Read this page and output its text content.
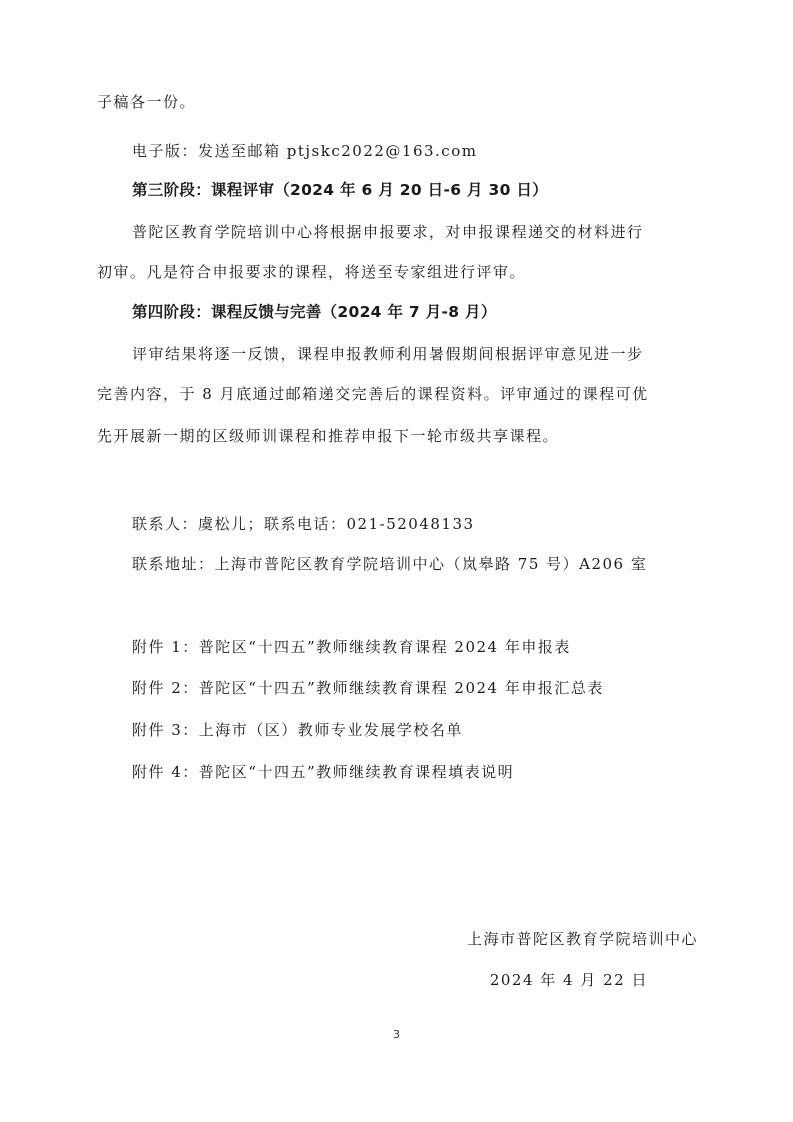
子稿各一份。
电子版：发送至邮箱 ptjskc2022@163.com
第三阶段：课程评审（2024 年 6 月 20 日-6 月 30 日）
普陀区教育学院培训中心将根据申报要求，对申报课程递交的材料进行
初审。凡是符合申报要求的课程，将送至专家组进行评审。
第四阶段：课程反馈与完善（2024 年 7 月-8 月）
评审结果将逐一反馈，课程申报教师利用暑假期间根据评审意见进一步
完善内容，于 8 月底通过邮箱递交完善后的课程资料。评审通过的课程可优
先开展新一期的区级师训课程和推荐申报下一轮市级共享课程。
联系人：虞松儿；联系电话：021-52048133
联系地址：上海市普陀区教育学院培训中心（岚皋路 75 号）A206 室
附件 1：普陀区“十四五”教师继续教育课程 2024 年申报表
附件 2：普陀区“十四五”教师继续教育课程 2024 年申报汇总表
附件 3：上海市（区）教师专业发展学校名单
附件 4：普陀区“十四五”教师继续教育课程填表说明
上海市普陀区教育学院培训中心
2024 年 4 月 22 日
3
